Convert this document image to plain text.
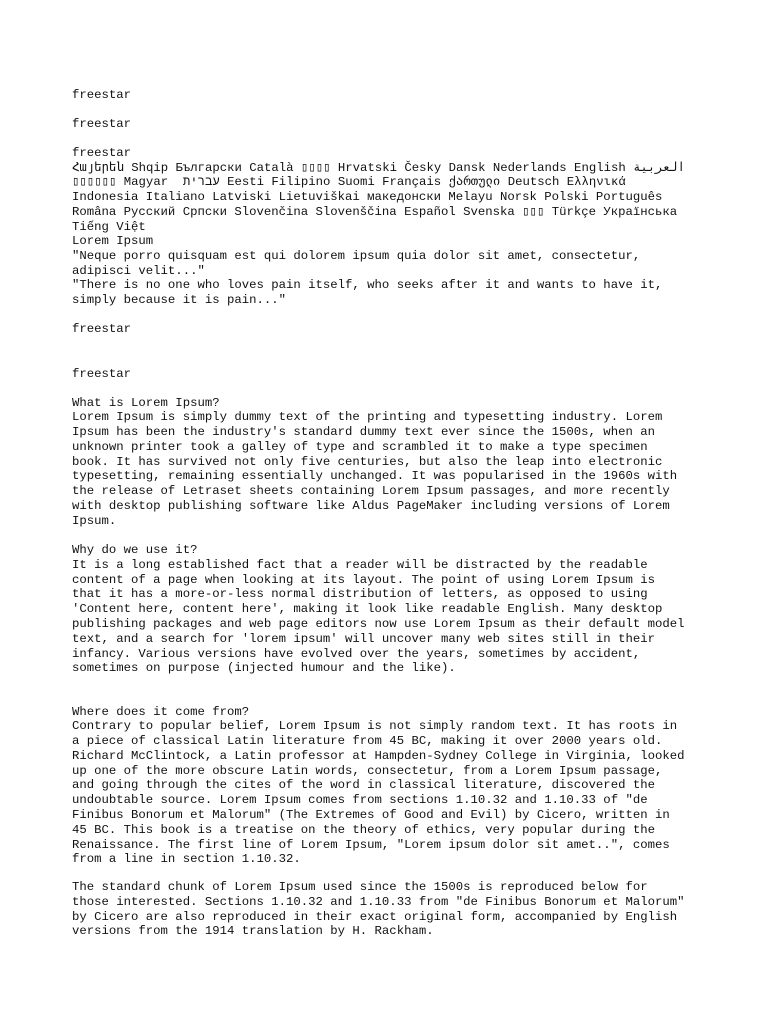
freestar
freestar
freestar
Հայերեն Shqip Български Català ▯▯▯▯ Hrvatski Česky Dansk Nederlands English العربية
▯▯▯▯▯▯ Magyar  עברית Eesti Filipino Suomi Français ქართული Deutsch Ελληνικά
Indonesia Italiano Latviski Lietuviškai македонски Melayu Norsk Polski Português
Româna Русский Српски Slovenčina Slovenščina Español Svenska ▯▯▯ Türkçe Українська
Tiếng Việt
Lorem Ipsum
"Neque porro quisquam est qui dolorem ipsum quia dolor sit amet, consectetur,
adipisci velit..."
"There is no one who loves pain itself, who seeks after it and wants to have it,
simply because it is pain..."
freestar
freestar
What is Lorem Ipsum?
Lorem Ipsum is simply dummy text of the printing and typesetting industry. Lorem
Ipsum has been the industry's standard dummy text ever since the 1500s, when an
unknown printer took a galley of type and scrambled it to make a type specimen
book. It has survived not only five centuries, but also the leap into electronic
typesetting, remaining essentially unchanged. It was popularised in the 1960s with
the release of Letraset sheets containing Lorem Ipsum passages, and more recently
with desktop publishing software like Aldus PageMaker including versions of Lorem
Ipsum.
Why do we use it?
It is a long established fact that a reader will be distracted by the readable
content of a page when looking at its layout. The point of using Lorem Ipsum is
that it has a more-or-less normal distribution of letters, as opposed to using
'Content here, content here', making it look like readable English. Many desktop
publishing packages and web page editors now use Lorem Ipsum as their default model
text, and a search for 'lorem ipsum' will uncover many web sites still in their
infancy. Various versions have evolved over the years, sometimes by accident,
sometimes on purpose (injected humour and the like).
Where does it come from?
Contrary to popular belief, Lorem Ipsum is not simply random text. It has roots in
a piece of classical Latin literature from 45 BC, making it over 2000 years old.
Richard McClintock, a Latin professor at Hampden-Sydney College in Virginia, looked
up one of the more obscure Latin words, consectetur, from a Lorem Ipsum passage,
and going through the cites of the word in classical literature, discovered the
undoubtable source. Lorem Ipsum comes from sections 1.10.32 and 1.10.33 of "de
Finibus Bonorum et Malorum" (The Extremes of Good and Evil) by Cicero, written in
45 BC. This book is a treatise on the theory of ethics, very popular during the
Renaissance. The first line of Lorem Ipsum, "Lorem ipsum dolor sit amet..", comes
from a line in section 1.10.32.
The standard chunk of Lorem Ipsum used since the 1500s is reproduced below for
those interested. Sections 1.10.32 and 1.10.33 from "de Finibus Bonorum et Malorum"
by Cicero are also reproduced in their exact original form, accompanied by English
versions from the 1914 translation by H. Rackham.
